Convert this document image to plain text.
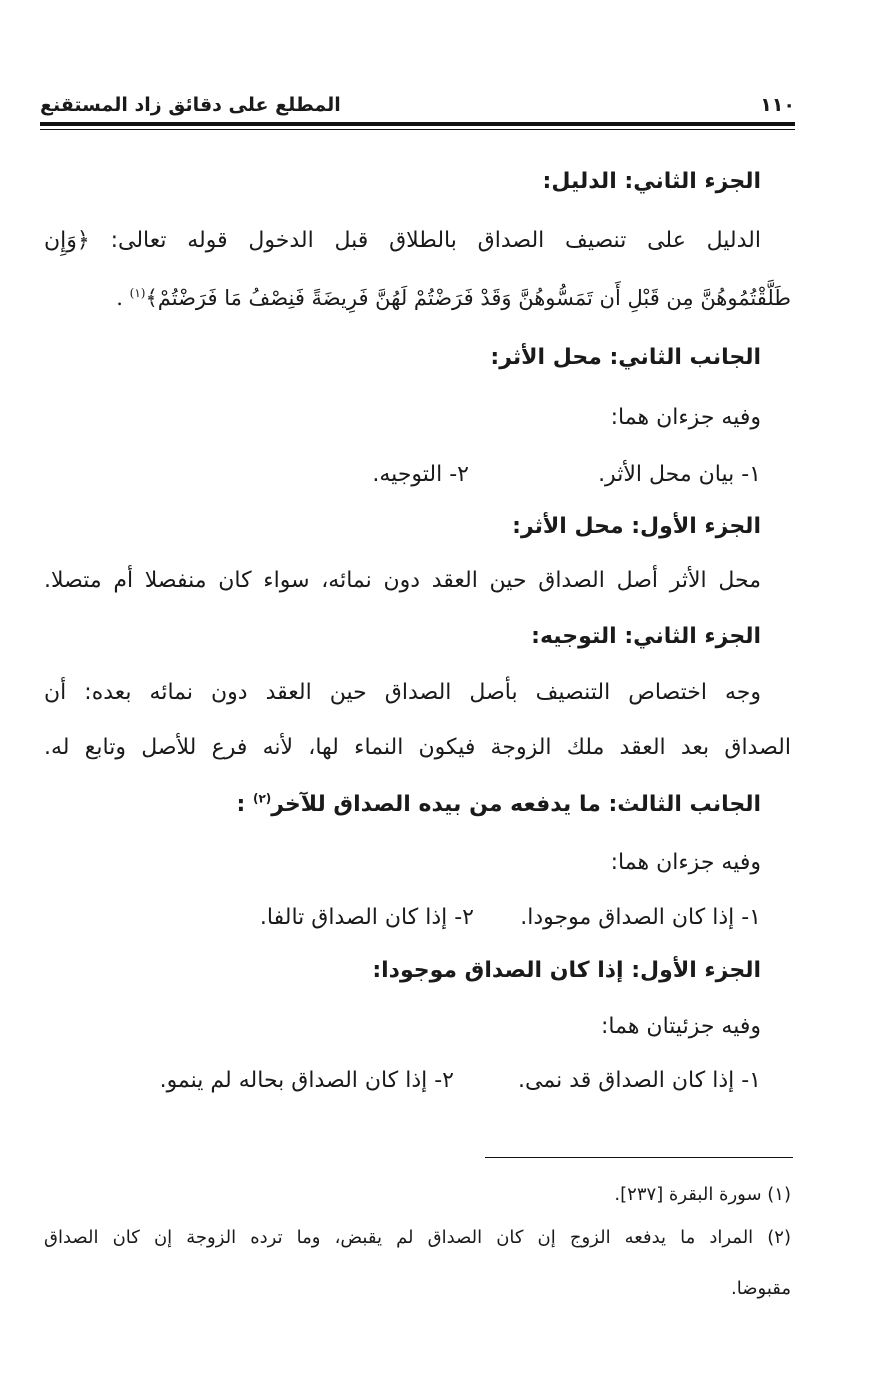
١١٠
المطلع على دقائق زاد المستقنع
الجزء الثاني: الدليل:
الدليل على تنصيف الصداق بالطلاق قبل الدخول قوله تعالى: ﴿وَإِن
طَلَّقْتُمُوهُنَّ مِن قَبْلِ أَن تَمَسُّوهُنَّ وَقَدْ فَرَضْتُمْ لَهُنَّ فَرِيضَةً فَنِصْفُ مَا فَرَضْتُمْ﴾$^{(١)}$ .
الجانب الثاني: محل الأثر:
وفيه جزءان هما:
١- بيان محل الأثر. ٢- التوجيه.
الجزء الأول: محل الأثر:
محل الأثر أصل الصداق حين العقد دون نمائه، سواء كان منفصلا أم متصلا.
الجزء الثاني: التوجيه:
وجه اختصاص التنصيف بأصل الصداق حين العقد دون نمائه بعده: أن
الصداق بعد العقد ملك الزوجة فيكون النماء لها، لأنه فرع للأصل وتابع له.
الجانب الثالث: ما يدفعه من بيده الصداق للآخر$^{(٢)}$ :
وفيه جزءان هما:
١- إذا كان الصداق موجودا. ٢- إذا كان الصداق تالفا.
الجزء الأول: إذا كان الصداق موجودا:
وفيه جزئيتان هما:
١- إذا كان الصداق قد نمى. ٢- إذا كان الصداق بحاله لم ينمو.
(١) سورة البقرة [٢٣٧].
(٢) المراد ما يدفعه الزوج إن كان الصداق لم يقبض، وما ترده الزوجة إن كان الصداق
مقبوضا.
